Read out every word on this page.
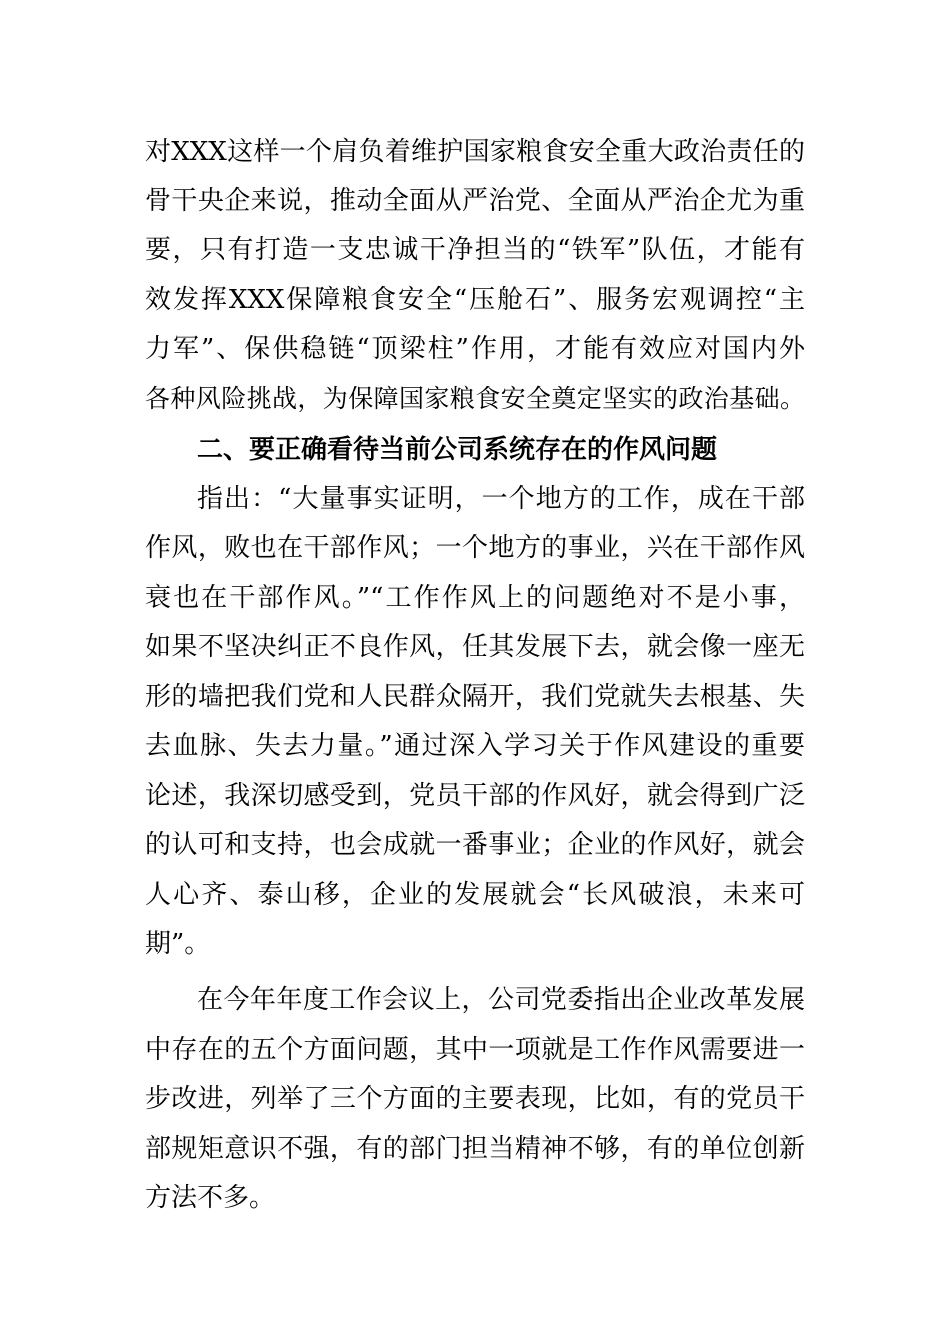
对XXX这样一个肩负着维护国家粮食安全重大政治责任的
骨干央企来说，推动全面从严治党、全面从严治企尤为重
要，只有打造一支忠诚干净担当的“铁军”队伍，才能有
效发挥XXX保障粮食安全“压舱石”、服务宏观调控“主
力军”、保供稳链“顶梁柱”作用，才能有效应对国内外
各种风险挑战，为保障国家粮食安全奠定坚实的政治基础。
二、要正确看待当前公司系统存在的作风问题
指出：“大量事实证明，一个地方的工作，成在干部
作风，败也在干部作风；一个地方的事业，兴在干部作风
衰也在干部作风。”“工作作风上的问题绝对不是小事，
如果不坚决纠正不良作风，任其发展下去，就会像一座无
形的墙把我们党和人民群众隔开，我们党就失去根基、失
去血脉、失去力量。”通过深入学习关于作风建设的重要
论述，我深切感受到，党员干部的作风好，就会得到广泛
的认可和支持，也会成就一番事业；企业的作风好，就会
人心齐、泰山移，企业的发展就会“长风破浪，未来可
期”。
在今年年度工作会议上，公司党委指出企业改革发展
中存在的五个方面问题，其中一项就是工作作风需要进一
步改进，列举了三个方面的主要表现，比如，有的党员干
部规矩意识不强，有的部门担当精神不够，有的单位创新
方法不多。
